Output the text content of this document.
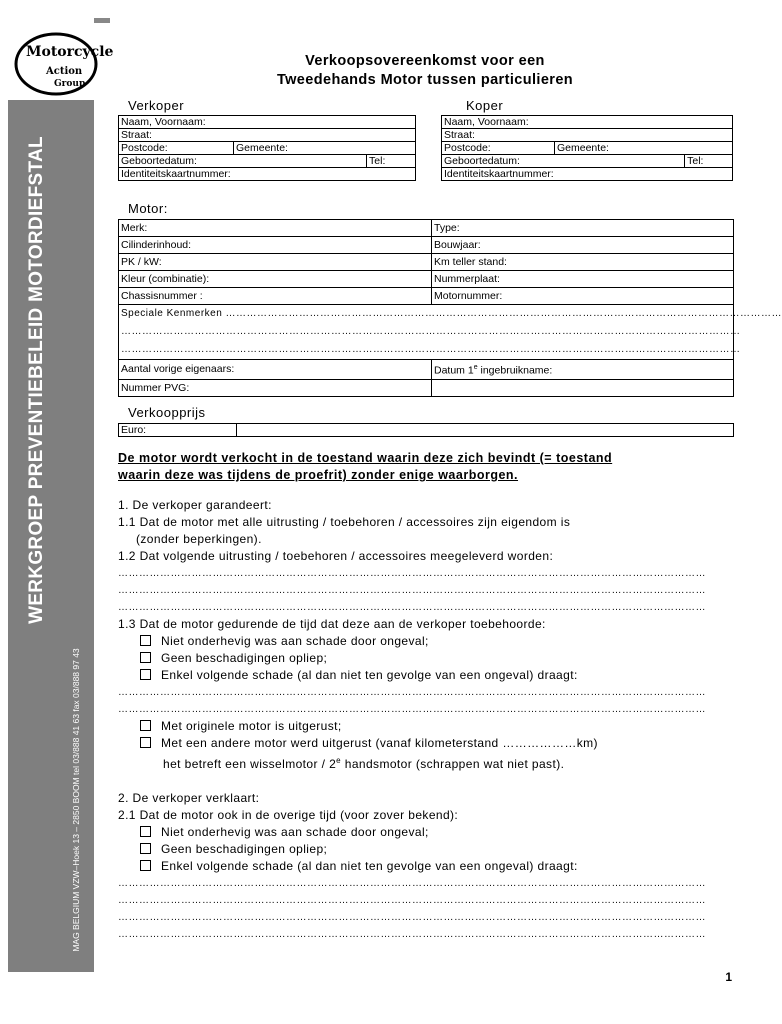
WERKGROEP PREVENTIEBELEID MOTORDIEFSTAL
MAG BELGIUM VZW–Hoek 13 – 2850 BOOM tel 03/888 41 63 fax 03/888 97 43
Motorcycle
Action
Group
Verkoopsovereenkomst voor een
Tweedehands Motor tussen particulieren
Verkoper	Koper
Naam, Voornaam:		
Straat:		
Postcode:	Gemeente:	
Geboortedatum:		Tel:
Identiteitskaartnummer:		
Naam, Voornaam:		
Straat:		
Postcode:	Gemeente:	
Geboortedatum:		Tel:
Identiteitskaartnummer:		
Motor:
Merk:	Type:
Cilinderinhoud:	Bouwjaar:
PK / kW:	Km teller stand:
Kleur (combinatie):	Nummerplaat:
Chassisnummer :	Motornummer:

Speciale Kenmerken ……………………………………………………………………………………………………………………………………………
……………………………………………………………………………………………………………………………………………………………
……………………………………………………………………………………………………………………………………………………………	

Aantal vorige eigenaars:	Datum 1e ingebruikname:
Nummer PVG:	
Verkoopprijs
Euro:	
De motor wordt verkocht in de toestand waarin deze zich bevindt (= toestand
waarin deze was tijdens de proefrit) zonder enige waarborgen.
1. De verkoper garandeert:
1.1 Dat de motor met alle uitrusting / toebehoren / accessoires zijn eigendom is
(zonder beperkingen).
1.2 Dat volgende uitrusting / toebehoren / accessoires meegeleverd worden:
……………………………………………………………………………………………………………………………………………………
……………………………………………………………………………………………………………………………………………………
……………………………………………………………………………………………………………………………………………………
1.3 Dat de motor gedurende de tijd dat deze aan de verkoper toebehoorde:
Niet onderhevig was aan schade door ongeval;
Geen beschadigingen opliep;
Enkel volgende schade (al dan niet ten gevolge van een ongeval) draagt:
……………………………………………………………………………………………………………………………………………………
……………………………………………………………………………………………………………………………………………………
Met originele motor is uitgerust;
Met een andere motor werd uitgerust (vanaf kilometerstand ………………km)
het betreft een wisselmotor / 2e handsmotor (schrappen wat niet past).
2. De verkoper verklaart:
2.1 Dat de motor ook in de overige tijd (voor zover bekend):
Niet onderhevig was aan schade door ongeval;
Geen beschadigingen opliep;
Enkel volgende schade (al dan niet ten gevolge van een ongeval) draagt:
……………………………………………………………………………………………………………………………………………………
……………………………………………………………………………………………………………………………………………………
……………………………………………………………………………………………………………………………………………………
……………………………………………………………………………………………………………………………………………………
1
